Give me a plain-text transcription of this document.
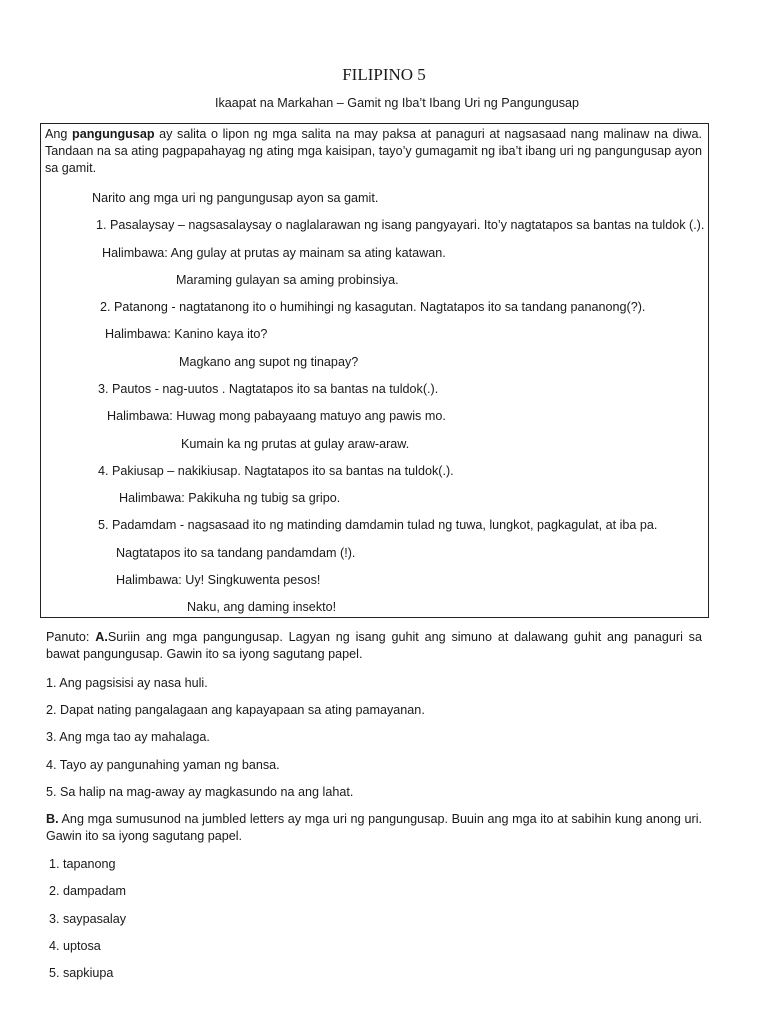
FILIPINO 5
Ikaapat na Markahan – Gamit ng Iba’t Ibang Uri ng Pangungusap
Ang pangungusap ay salita o lipon ng mga salita na may paksa at panaguri at nagsasaad nang malinaw na diwa. Tandaan na sa ating pagpapahayag ng ating mga kaisipan, tayo’y gumagamit ng iba’t ibang uri ng pangungusap ayon sa gamit.
Narito ang mga uri ng pangungusap ayon sa gamit.
1. Pasalaysay – nagsasalaysay o naglalarawan ng isang pangyayari. Ito’y nagtatapos sa bantas na tuldok (.).
Halimbawa: Ang gulay at prutas ay mainam sa ating katawan.
Maraming gulayan sa aming probinsiya.
2. Patanong - nagtatanong ito o humihingi ng kasagutan. Nagtatapos ito sa tandang pananong(?).
Halimbawa: Kanino kaya ito?
Magkano ang supot ng tinapay?
3. Pautos - nag-uutos . Nagtatapos ito sa bantas na tuldok(.).
Halimbawa: Huwag mong pabayaang matuyo ang pawis mo.
Kumain ka ng prutas at gulay araw-araw.
4. Pakiusap – nakikiusap. Nagtatapos ito sa bantas na tuldok(.).
Halimbawa: Pakikuha ng tubig sa gripo.
5. Padamdam - nagsasaad ito ng matinding damdamin tulad ng tuwa, lungkot, pagkagulat, at iba pa.
Nagtatapos ito sa tandang pandamdam (!).
Halimbawa: Uy! Singkuwenta pesos!
Naku, ang daming insekto!
Panuto: A.Suriin ang mga pangungusap. Lagyan ng isang guhit ang simuno at dalawang guhit ang panaguri sa bawat pangungusap. Gawin ito sa iyong sagutang papel.
1. Ang pagsisisi ay nasa huli.
2. Dapat nating pangalagaan ang kapayapaan sa ating pamayanan.
3. Ang mga tao ay mahalaga.
4. Tayo ay pangunahing yaman ng bansa.
5. Sa halip na mag-away ay magkasundo na ang lahat.
B. Ang mga sumusunod na jumbled letters ay mga uri ng pangungusap. Buuin ang mga ito at sabihin kung anong uri. Gawin ito sa iyong sagutang papel.
1. tapanong
2. dampadam
3. saypasalay
4. uptosa
5. sapkiupa
